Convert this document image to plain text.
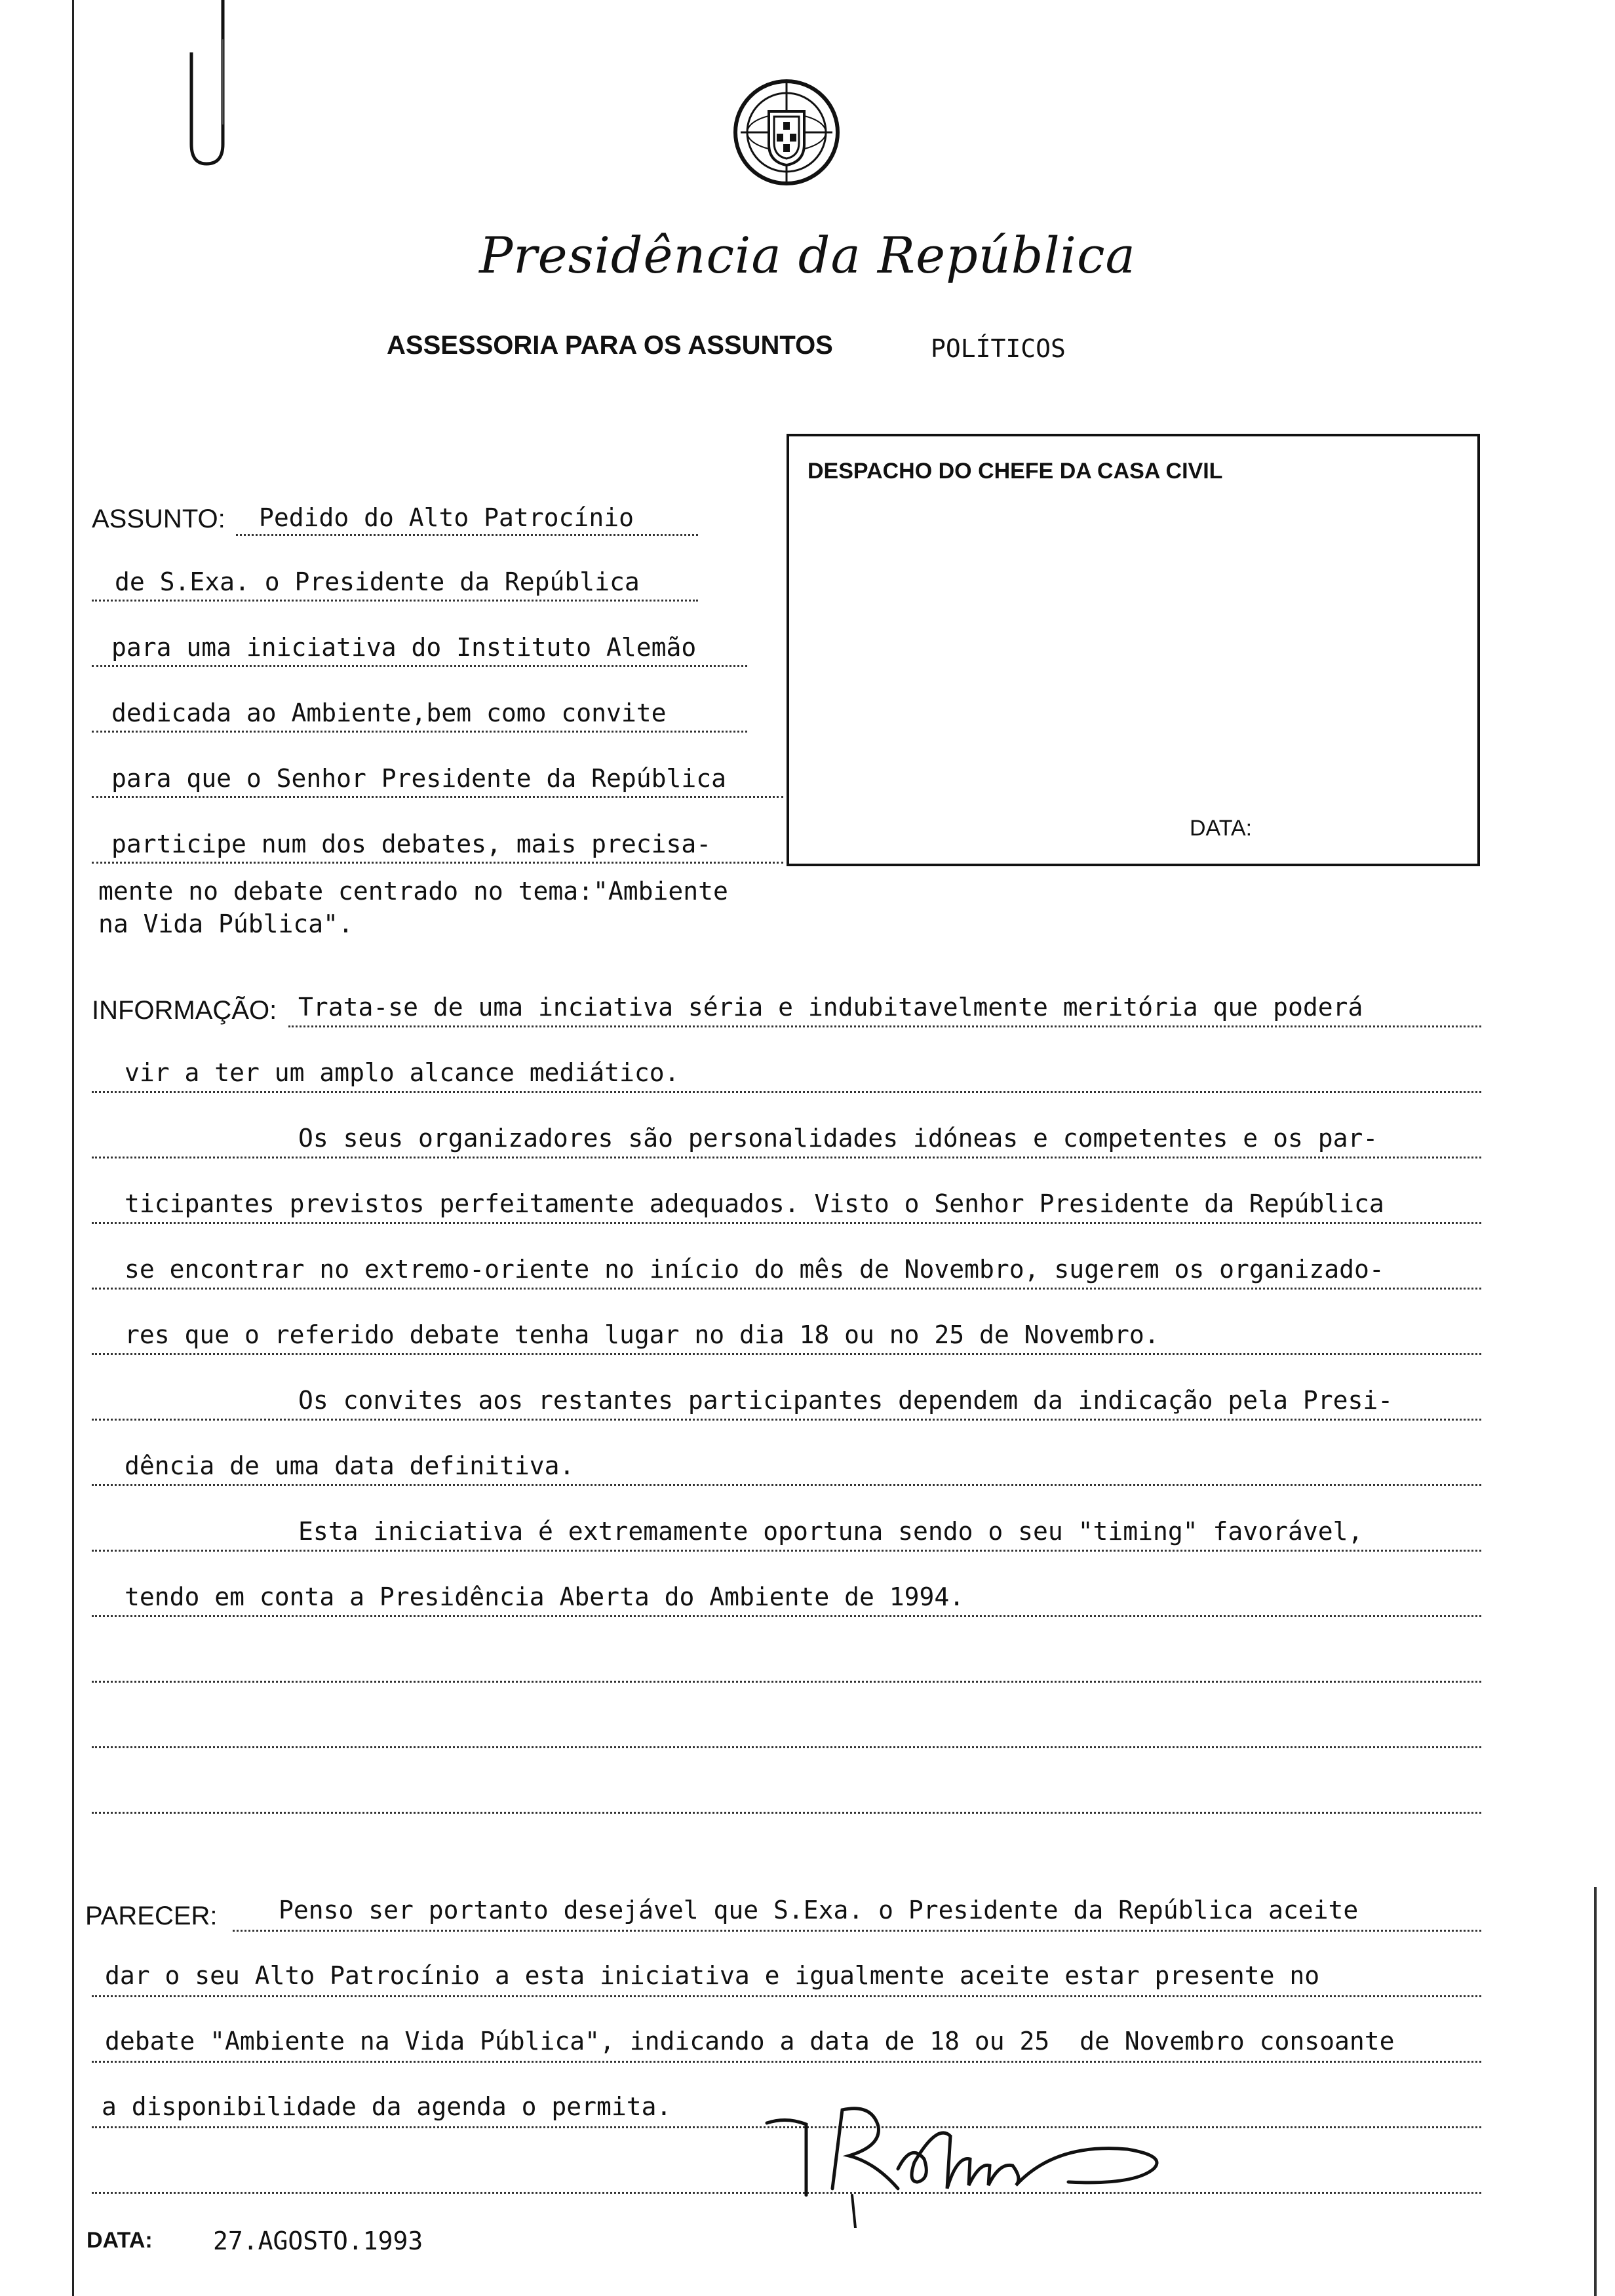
Presidência da República
ASSESSORIA PARA OS ASSUNTOS	POLÍTICOS
DESPACHO DO CHEFE DA CASA CIVIL
DATA:
ASSUNTO: Pedido do Alto Patrocínio
de S.Exa. o Presidente da República
para uma iniciativa do Instituto Alemão
dedicada ao Ambiente,bem como convite
para que o Senhor Presidente da República
participe num dos debates, mais precisa-
mente no debate centrado no tema:"Ambiente
na Vida Pública".
INFORMAÇÃO: Trata-se de uma inciativa séria e indubitavelmente meritória que poderá
vir a ter um amplo alcance mediático.
Os seus organizadores são personalidades idóneas e competentes e os par-
ticipantes previstos perfeitamente adequados. Visto o Senhor Presidente da República
se encontrar no extremo-oriente no início do mês de Novembro, sugerem os organizado-
res que o referido debate tenha lugar no dia 18 ou no 25 de Novembro.
Os convites aos restantes participantes dependem da indicação pela Presi-
dência de uma data definitiva.
Esta iniciativa é extremamente oportuna sendo o seu "timing" favorável,
tendo em conta a Presidência Aberta do Ambiente de 1994.
PARECER: Penso ser portanto desejável que S.Exa. o Presidente da República aceite
dar o seu Alto Patrocínio a esta iniciativa e igualmente aceite estar presente no
debate "Ambiente na Vida Pública", indicando a data de 18 ou 25  de Novembro consoante
a disponibilidade da agenda o permita.
DATA: 27.AGOSTO.1993
